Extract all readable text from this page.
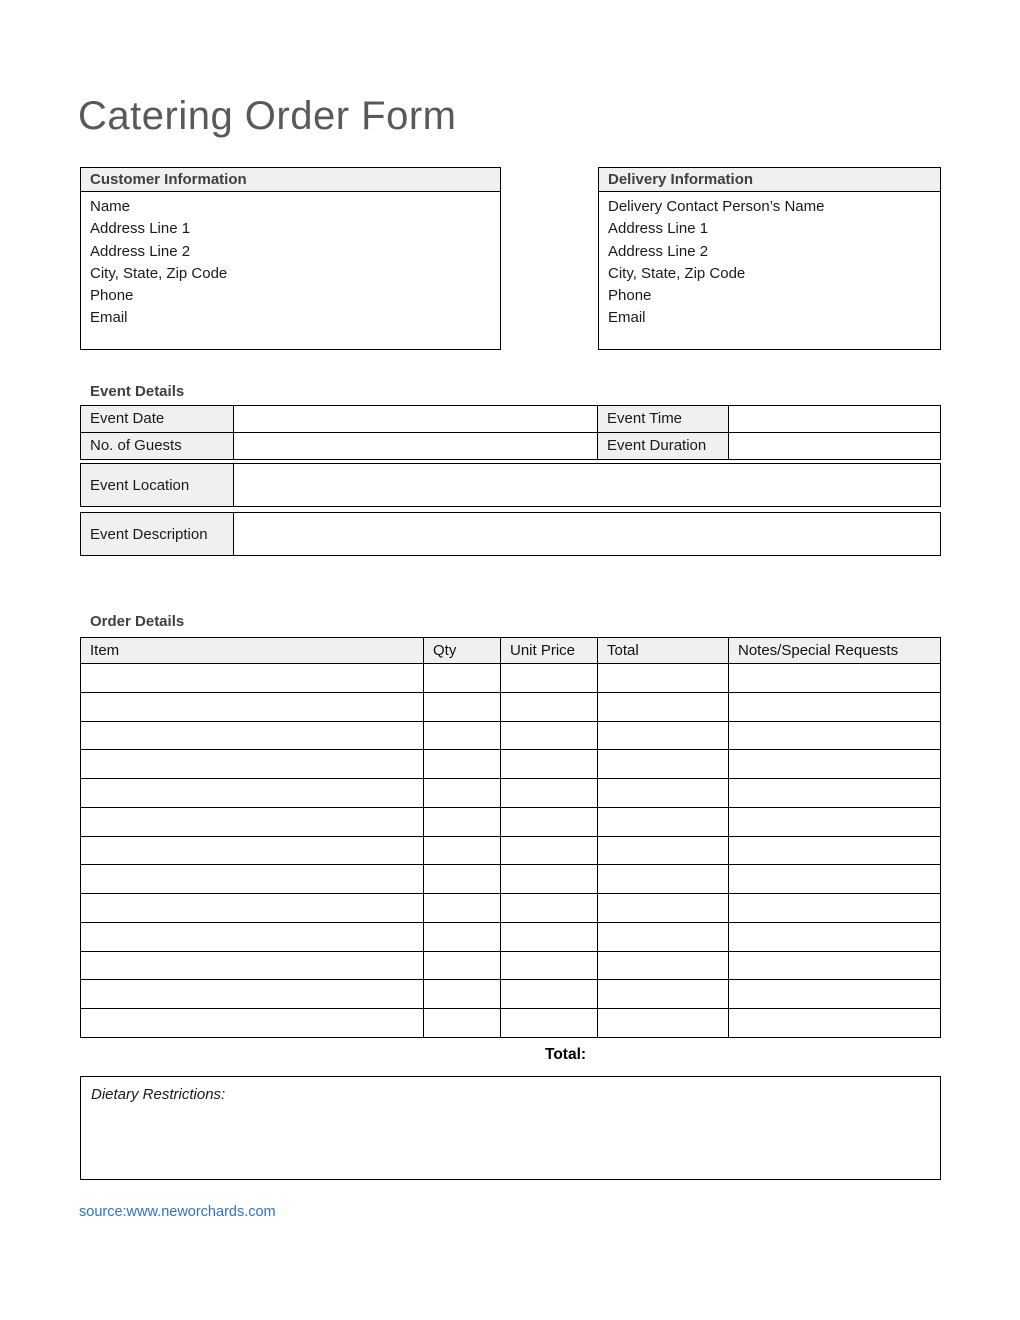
Catering Order Form
Customer Information
Name
Address Line 1
Address Line 2
City, State, Zip Code
Phone
Email
Delivery Information
Delivery Contact Person’s Name
Address Line 1
Address Line 2
City, State, Zip Code
Phone
Email
Event Details
Event Date	Event Time
No. of Guests	Event Duration
Event Location
Event Description
Order Details
Item	Qty	Unit Price	Total	Notes/Special Requests
Total:
Dietary Restrictions:
source:www.neworchards.com
